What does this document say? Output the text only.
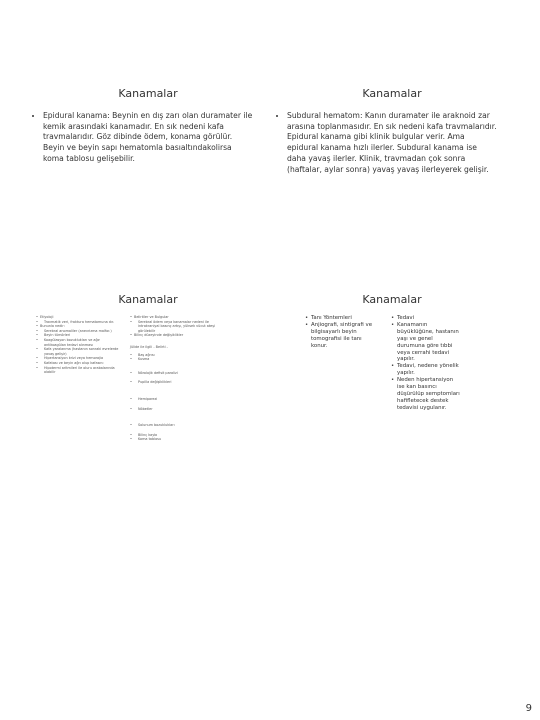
Kanamalar
• Epidural kanama: Beynin en dış zarı olan duramater ile kemik arasındaki kanamadır. En sık nedeni kafa travmalarıdır. Göz dibinde ödem, konama görülür. Beyin ve beyin sapı hematomla basıaltındakolirsa koma tablosu gelişebilir.
Kanamalar
• Subdural hematom: Kanın duramater ile araknoid zar arasına toplanmasıdır. En sık nedeni kafa travmalarıdır. Epidural kanama gibi klinik bulgular verir. Ama epidural kanama hızlı ilerler. Subdural kanama ise daha yavaş ilerler. Klinik, travmadan çok sonra (haftalar, aylar sonra) yavaş yavaş ilerleyerek gelişir.
Kanamalar
• Etiyoloji
• Travmatik veri, fraktura hematomuna dır.
• Bununla nedir:
• Serebral anomaliler (anevrizma malfor.)
• Beyin tümörleri
• Koagülasyon bozuklukları ve ağır antikoagülan tedavi alınması
• Kafa yaralanma (hastanın sonraki evrelerde yavaş gelişir)
• Hipertansiyon krizi veya hemorajia
• Kafatası ve beyin ağrı olup kafasını
• Hipotermi aritmileri ile oluru arabalarında olabilir
• Belirtiler ve Bulgular
• Serebral ödem veya kanamalar nedeni ile intrakraniyal basınç artışı, yüksek vücut ateşi görülebilir
• Bilinç düzeyinde değişiklikler
Jülide ile ilgili - Belirti -
• Baş ağrısı
• Kusma
• Nörolojik defisit paralizi
• Pupilla değişiklikleri
• Hemiparezi
• Nöbetler
• Solunum bozuklukları
• Bilinç kaybı
• Koma tablosu
Kanamalar
• Tanı Yöntemleri
• Anjiografi, sintigrafi ve bilgisayarlı beyin tomografisi ile tanı konur.
• Tedavi
• Kanamanın büyüklüğüne, hastanın yaşı ve genel durumuna göre tıbbi veya cerrahi tedavi yapılır.
• Tedavi, nedene yönelik yapılır.
• Neden hipertansiyon ise kan basıncı düşürülüp semptomları hafifletecek destek tedavisi uygulanır.
9
